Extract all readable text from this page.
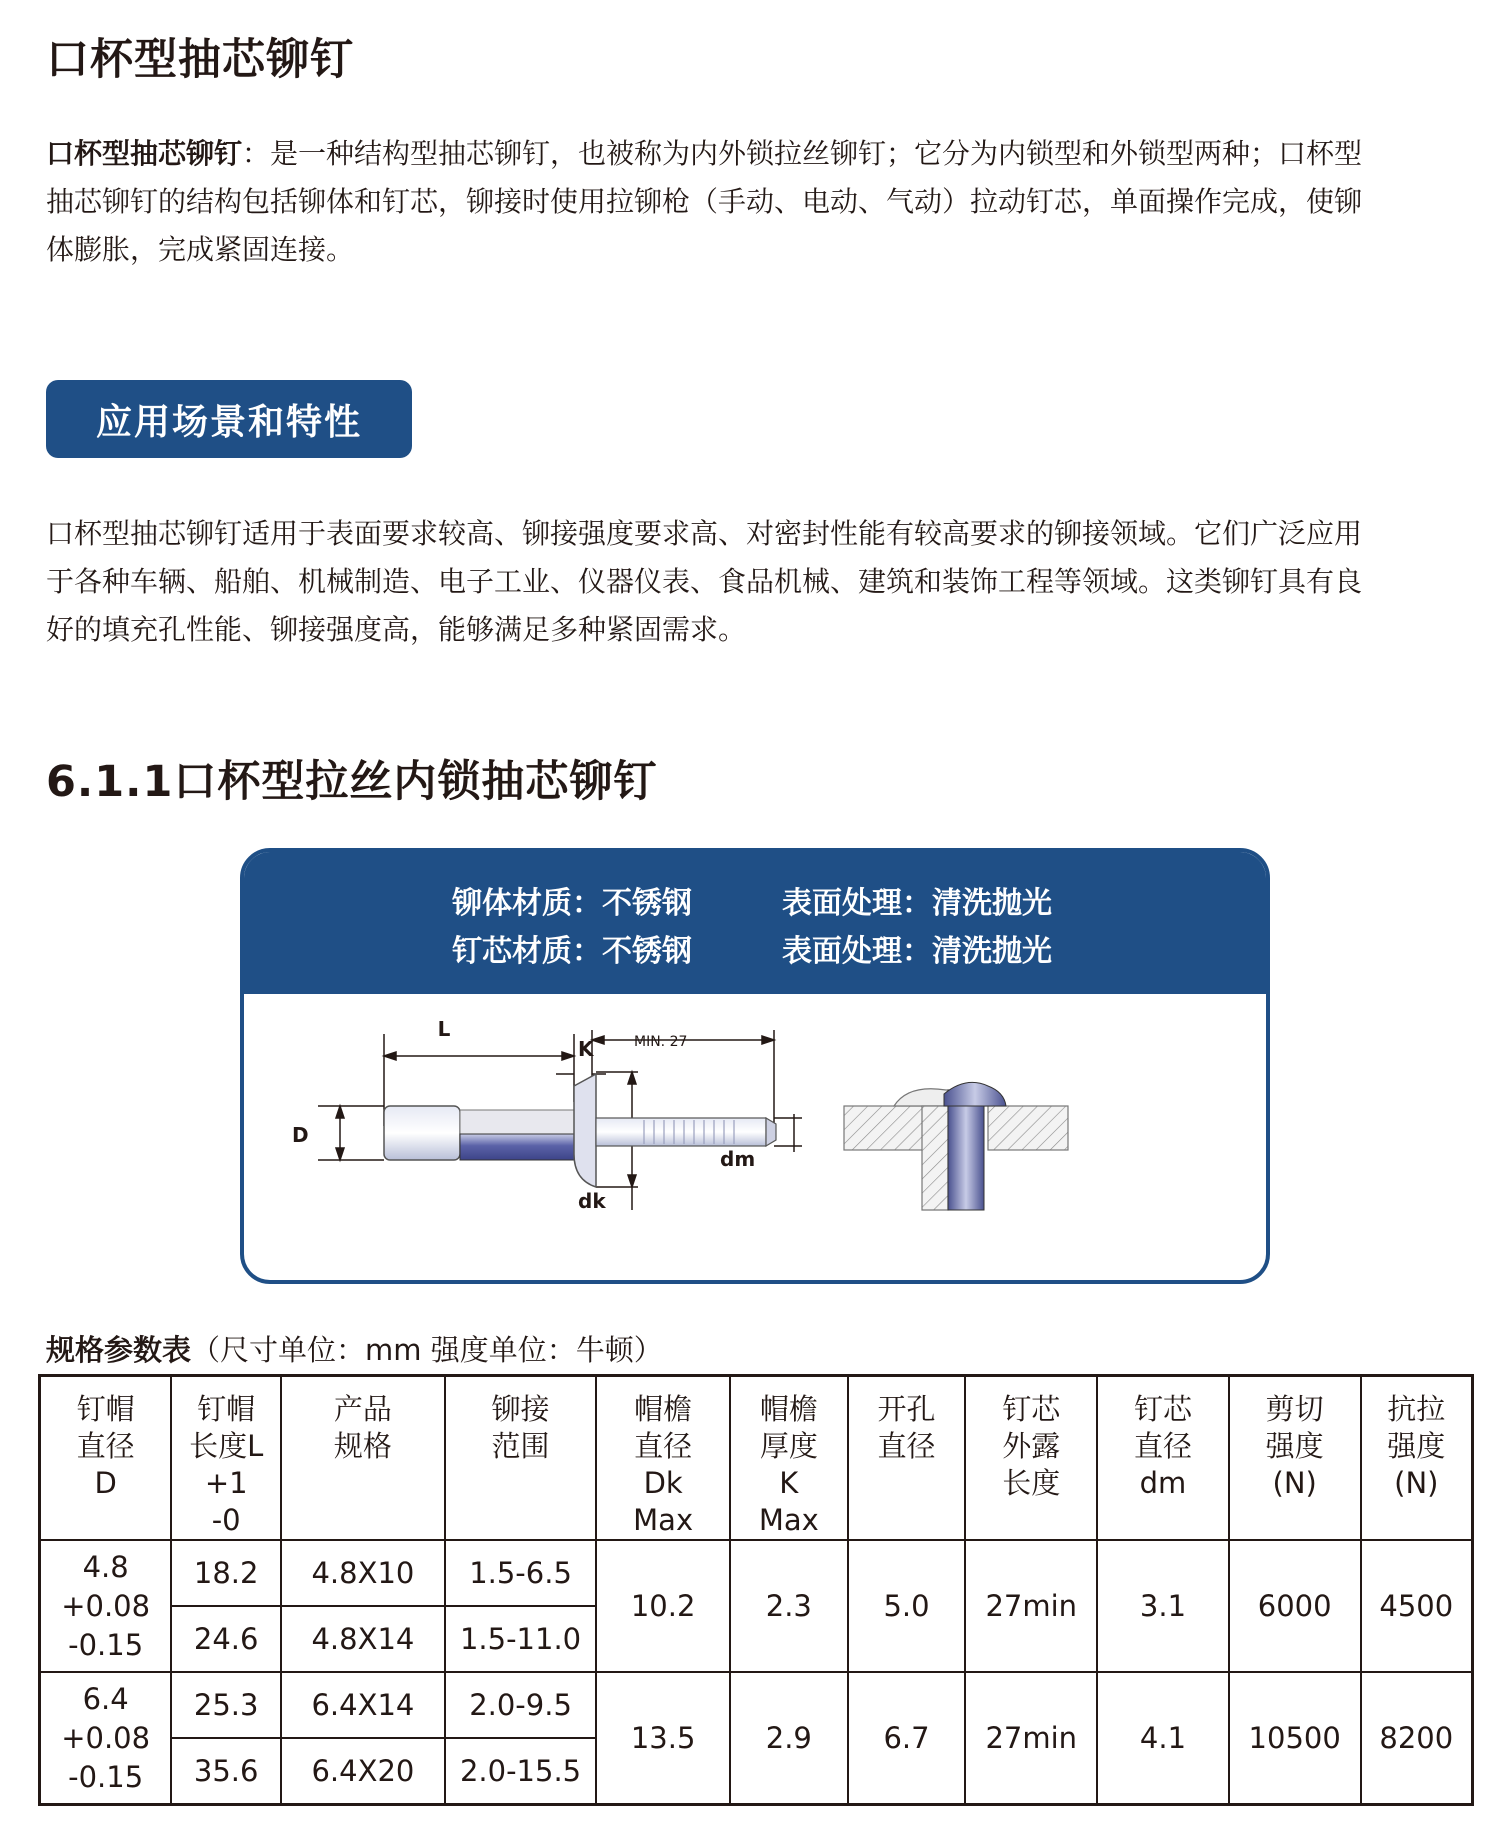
口杯型抽芯铆钉
口杯型抽芯铆钉：是一种结构型抽芯铆钉，也被称为内外锁拉丝铆钉；它分为内锁型和外锁型两种；口杯型
抽芯铆钉的结构包括铆体和钉芯，铆接时使用拉铆枪（手动、电动、气动）拉动钉芯，单面操作完成，使铆
体膨胀，完成紧固连接。
应用场景和特性
口杯型抽芯铆钉适用于表面要求较高、铆接强度要求高、对密封性能有较高要求的铆接领域。它们广泛应用
于各种车辆、船舶、机械制造、电子工业、仪器仪表、食品机械、建筑和装饰工程等领域。这类铆钉具有良
好的填充孔性能、铆接强度高，能够满足多种紧固需求。
6.1.1口杯型拉丝内锁抽芯铆钉
铆体材质：不锈钢	表面处理：清洗抛光
钉芯材质：不锈钢	表面处理：清洗抛光
L
K	MIN. 27
D
dm
dk
规格参数表（尺寸单位：mm 强度单位：牛顿）
钉帽
直径
D	钉帽
长度L
+1
-0	产品
规格	铆接
范围	帽檐
直径
Dk
Max	帽檐
厚度
K
Max	开孔
直径	钉芯
外露
长度	钉芯
直径
dm	剪切
强度
(N)	抗拉
强度
(N)

4.8
+0.08
-0.15	18.2	4.8X10	1.5-6.5	10.2	2.3	5.0	27min	3.1	6000	4500
	24.6	4.8X14	1.5-11.0							

6.4
+0.08
-0.15	25.3	6.4X14	2.0-9.5	13.5	2.9	6.7	27min	4.1	10500	8200
	35.6	6.4X20	2.0-15.5							
